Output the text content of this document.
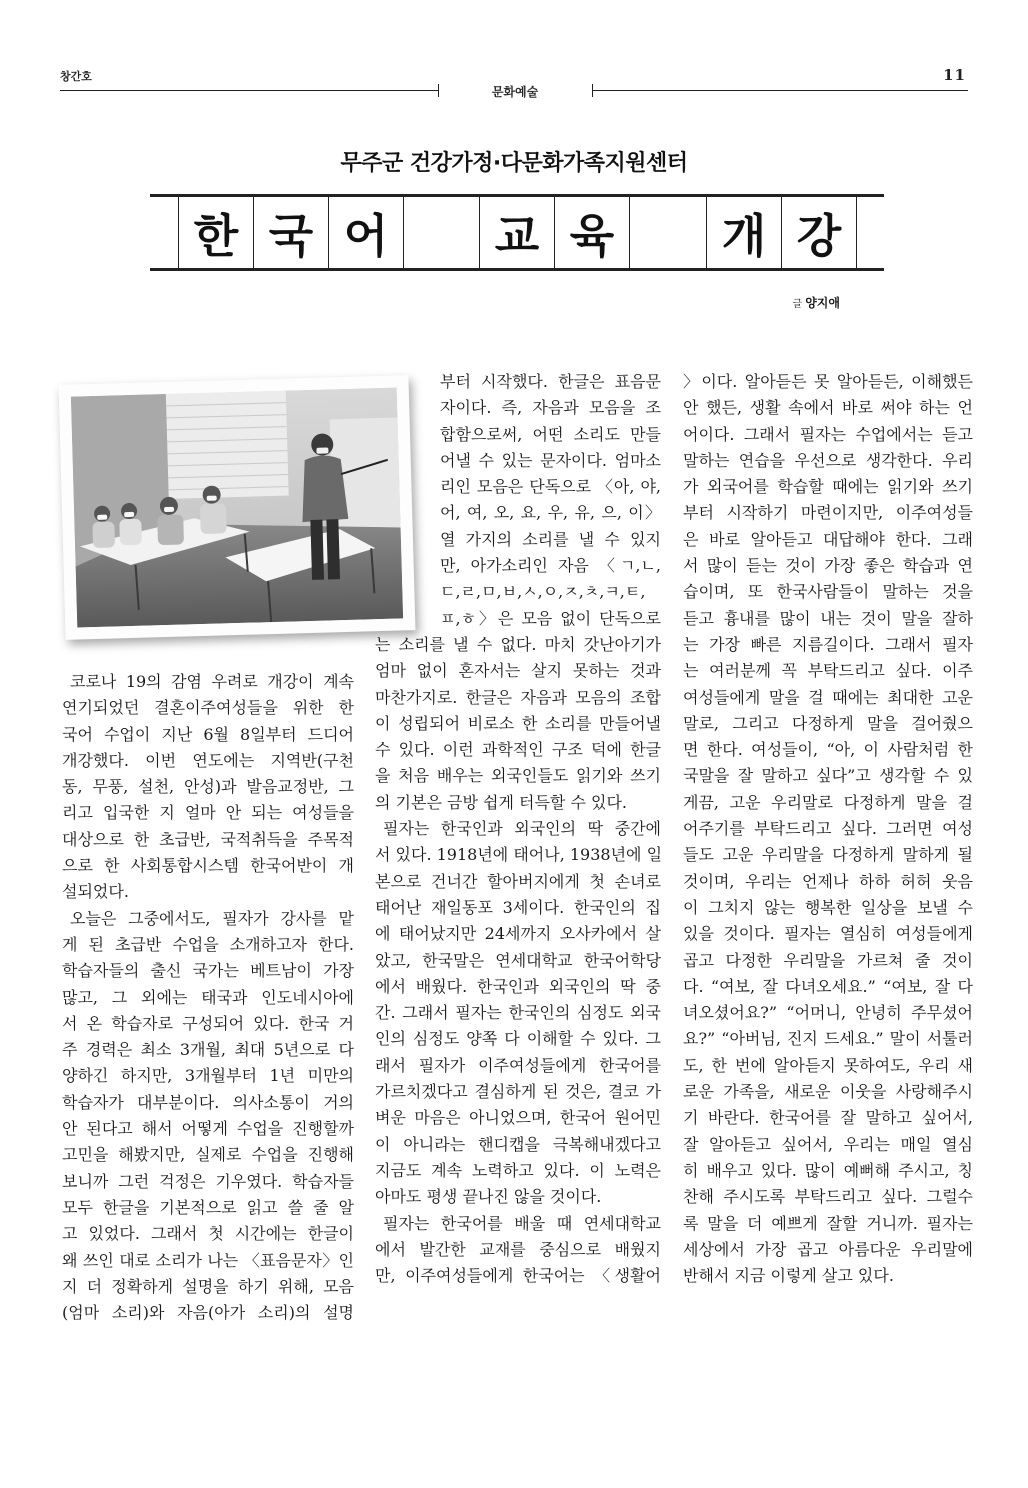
창간호
문화예술
11
무주군 건강가정·다문화가족지원센터
한 국 어	교 육	개 강
글 양지애
코로나 19의 감염 우려로 개강이 계속
연기되었던 결혼이주여성들을 위한 한
국어 수업이 지난 6월 8일부터 드디어
개강했다. 이번 연도에는 지역반(구천
동, 무풍, 설천, 안성)과 발음교정반, 그
리고 입국한 지 얼마 안 되는 여성들을
대상으로 한 초급반, 국적취득을 주목적
으로 한 사회통합시스템 한국어반이 개
설되었다.
오늘은 그중에서도, 필자가 강사를 맡
게 된 초급반 수업을 소개하고자 한다.
학습자들의 출신 국가는 베트남이 가장
많고, 그 외에는 태국과 인도네시아에
서 온 학습자로 구성되어 있다. 한국 거
주 경력은 최소 3개월, 최대 5년으로 다
양하긴 하지만, 3개월부터 1년 미만의
학습자가 대부분이다. 의사소통이 거의
안 된다고 해서 어떻게 수업을 진행할까
고민을 해봤지만, 실제로 수업을 진행해
보니까 그런 걱정은 기우였다. 학습자들
모두 한글을 기본적으로 읽고 쓸 줄 알
고 있었다. 그래서 첫 시간에는 한글이
왜 쓰인 대로 소리가 나는 〈표음문자〉인
지 더 정확하게 설명을 하기 위해, 모음
(엄마 소리)와 자음(아가 소리)의 설명
부터 시작했다. 한글은 표음문
자이다. 즉, 자음과 모음을 조
합함으로써, 어떤 소리도 만들
어낼 수 있는 문자이다. 엄마소
리인 모음은 단독으로 〈아, 야,
어, 여, 오, 요, 우, 유, 으, 이〉
열 가지의 소리를 낼 수 있지
만, 아가소리인 자음 〈ㄱ,ㄴ,
ㄷ,ㄹ,ㅁ,ㅂ,ㅅ,ㅇ,ㅈ,ㅊ,ㅋ,ㅌ,
ㅍ,ㅎ〉은 모음 없이 단독으로
는 소리를 낼 수 없다. 마치 갓난아기가
엄마 없이 혼자서는 살지 못하는 것과
마찬가지로. 한글은 자음과 모음의 조합
이 성립되어 비로소 한 소리를 만들어낼
수 있다. 이런 과학적인 구조 덕에 한글
을 처음 배우는 외국인들도 읽기와 쓰기
의 기본은 금방 쉽게 터득할 수 있다.
필자는 한국인과 외국인의 딱 중간에
서 있다. 1918년에 태어나, 1938년에 일
본으로 건너간 할아버지에게 첫 손녀로
태어난 재일동포 3세이다. 한국인의 집
에 태어났지만 24세까지 오사카에서 살
았고, 한국말은 연세대학교 한국어학당
에서 배웠다. 한국인과 외국인의 딱 중
간. 그래서 필자는 한국인의 심정도 외국
인의 심정도 양쪽 다 이해할 수 있다. 그
래서 필자가 이주여성들에게 한국어를
가르치겠다고 결심하게 된 것은, 결코 가
벼운 마음은 아니었으며, 한국어 원어민
이 아니라는 핸디캡을 극복해내겠다고
지금도 계속 노력하고 있다. 이 노력은
아마도 평생 끝나진 않을 것이다.
필자는 한국어를 배울 때 연세대학교
에서 발간한 교재를 중심으로 배웠지
만, 이주여성들에게 한국어는 〈생활어
〉이다. 알아듣든 못 알아듣든, 이해했든
안 했든, 생활 속에서 바로 써야 하는 언
어이다. 그래서 필자는 수업에서는 듣고
말하는 연습을 우선으로 생각한다. 우리
가 외국어를 학습할 때에는 읽기와 쓰기
부터 시작하기 마련이지만, 이주여성들
은 바로 알아듣고 대답해야 한다. 그래
서 많이 듣는 것이 가장 좋은 학습과 연
습이며, 또 한국사람들이 말하는 것을
듣고 흉내를 많이 내는 것이 말을 잘하
는 가장 빠른 지름길이다. 그래서 필자
는 여러분께 꼭 부탁드리고 싶다. 이주
여성들에게 말을 걸 때에는 최대한 고운
말로, 그리고 다정하게 말을 걸어줬으
면 한다. 여성들이, “아, 이 사람처럼 한
국말을 잘 말하고 싶다”고 생각할 수 있
게끔, 고운 우리말로 다정하게 말을 걸
어주기를 부탁드리고 싶다. 그러면 여성
들도 고운 우리말을 다정하게 말하게 될
것이며, 우리는 언제나 하하 허허 웃음
이 그치지 않는 행복한 일상을 보낼 수
있을 것이다. 필자는 열심히 여성들에게
곱고 다정한 우리말을 가르쳐 줄 것이
다. “여보, 잘 다녀오세요.” “여보, 잘 다
녀오셨어요?” “어머니, 안녕히 주무셨어
요?” “아버님, 진지 드세요.” 말이 서툴러
도, 한 번에 알아듣지 못하여도, 우리 새
로운 가족을, 새로운 이웃을 사랑해주시
기 바란다. 한국어를 잘 말하고 싶어서,
잘 알아듣고 싶어서, 우리는 매일 열심
히 배우고 있다. 많이 예뻐해 주시고, 칭
찬해 주시도록 부탁드리고 싶다. 그럴수
록 말을 더 예쁘게 잘할 거니까. 필자는
세상에서 가장 곱고 아름다운 우리말에
반해서 지금 이렇게 살고 있다.
